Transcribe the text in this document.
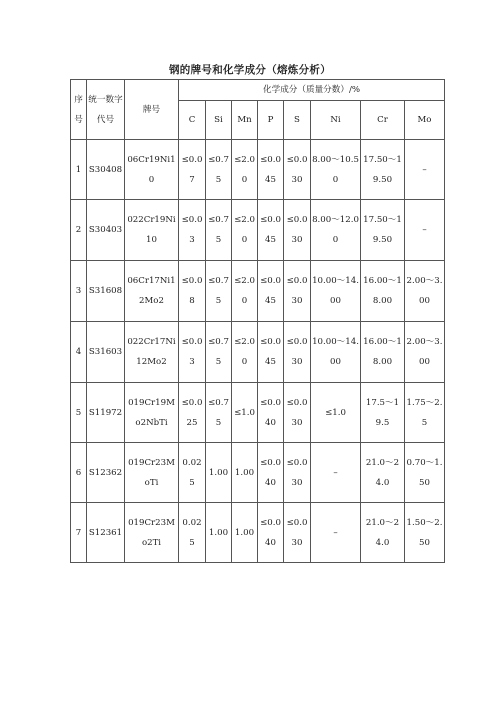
钢的牌号和化学成分（熔炼分析）
序号	统一数字代号	牌号	化学成分（质量分数）/%							
			C	Si	Mn	P	S	Ni	Cr	Mo
1	S30408	06Cr19Ni10	≤0.07	≤0.75	≤2.00	≤0.045	≤0.030	8.00～10.50	17.50～19.50	–
2	S30403	022Cr19Ni10	≤0.03	≤0.75	≤2.00	≤0.045	≤0.030	8.00～12.00	17.50～19.50	–
3	S31608	06Cr17Ni12Mo2	≤0.08	≤0.75	≤2.00	≤0.045	≤0.030	10.00～14.00	16.00～18.00	2.00～3.00
4	S31603	022Cr17Ni12Mo2	≤0.03	≤0.75	≤2.00	≤0.045	≤0.030	10.00～14.00	16.00～18.00	2.00～3.00
5	S11972	019Cr19Mo2NbTi	≤0.025	≤0.75	≤1.0	≤0.040	≤0.030	≤1.0	17.5～19.5	1.75～2.5
6	S12362	019Cr23MoTi	0.025	1.00	1.00	≤0.040	≤0.030	–	21.0～24.0	0.70～1.50
7	S12361	019Cr23Mo2Ti	0.025	1.00	1.00	≤0.040	≤0.030	–	21.0～24.0	1.50～2.50
